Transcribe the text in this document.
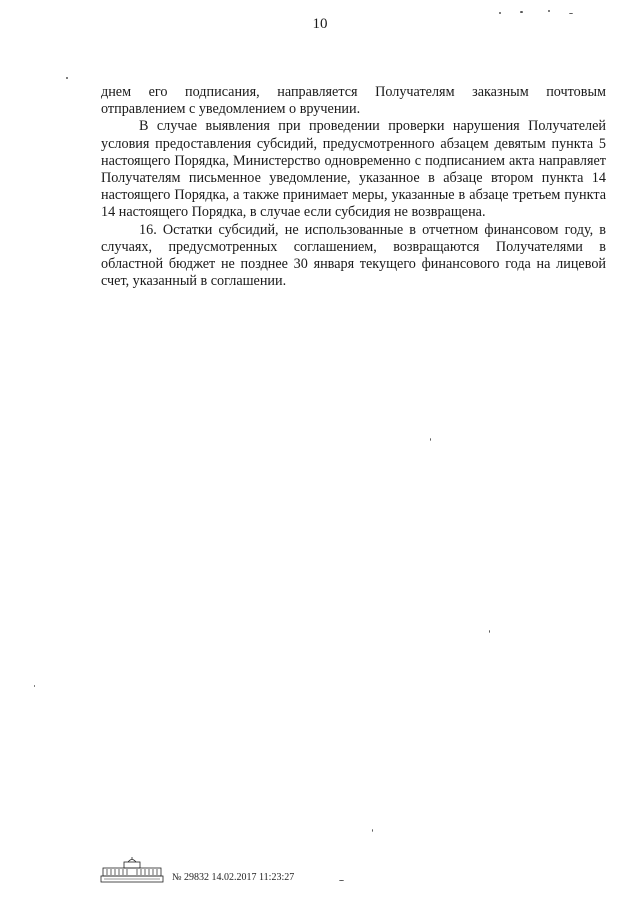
10

днем его подписания, направляется Получателям заказным почтовым отправлением с уведомлением о вручении.

В случае выявления при проведении проверки нарушения Получателей условия предоставления субсидий, предусмотренного абзацем девятым пункта 5 настоящего Порядка, Министерство одновременно с подписанием акта направляет Получателям письменное уведомление, указанное в абзаце втором пункта 14 настоящего Порядка, а также принимает меры, указанные в абзаце третьем пункта 14 настоящего Порядка, в случае если субсидия не возвращена.

16. Остатки субсидий, не использованные в отчетном финансовом году, в случаях, предусмотренных соглашением, возвращаются Получателями в областной бюджет не позднее 30 января текущего финансового года на лицевой счет, указанный в соглашении.

№ 29832 14.02.2017 11:23:27
